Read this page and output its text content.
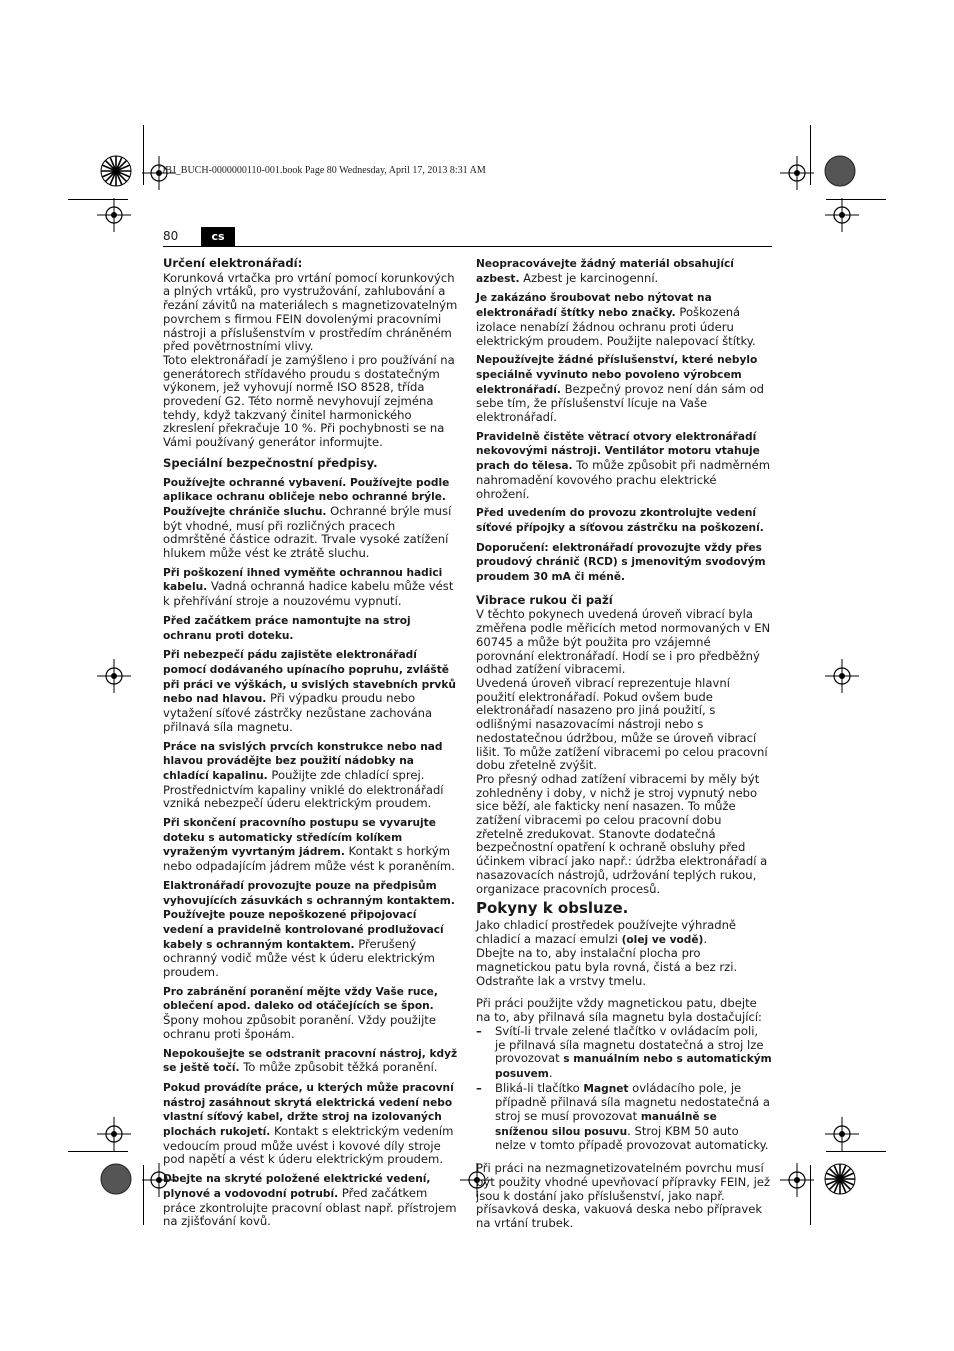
OBJ_BUCH-0000000110-001.book Page 80 Wednesday, April 17, 2013 8:31 AM
80	cs
Určení elektronářadí:

Korunková vrtačka pro vrtání pomocí korunkových a plných vrtáků, pro vystružování, zahlubování a řezání závitů na materiálech s magnetizovatelným povrchem s firmou FEIN dovolenými pracovními nástroji a příslušenstvím v prostředím chráněném před povětrnostními vlivy.

Toto elektronářadí je zamýšleno i pro používání na generátorech střídavého proudu s dostatečným výkonem, jež vyhovují normě ISO 8528, třída provedení G2. Této normě nevyhovují zejména tehdy, když takzvaný činitel harmonického zkreslení překračuje 10 %. Při pochybnosti se na Vámi používaný generátor informujte.

Speciální bezpečnostní předpisy.

Používejte ochranné vybavení. Používejte podle aplikace ochranu obličeje nebo ochranné brýle. Používejte chrániče sluchu. Ochranné brýle musí být vhodné, musí při rozličných pracech odmrštěné částice odrazit. Trvale vysoké zatížení hlukem může vést ke ztrátě sluchu.

Při poškození ihned vyměňte ochrannou hadici kabelu. Vadná ochranná hadice kabelu může vést k přehřívání stroje a nouzovému vypnutí.

Před začátkem práce namontujte na stroj ochranu proti doteku.

Při nebezpečí pádu zajistěte elektronářadí pomocí dodávaného upínacího popruhu, zvláště při práci ve výškách, u svislých stavebních prvků nebo nad hlavou. Při výpadku proudu nebo vytažení síťové zástrčky nezůstane zachována přilnavá síla magnetu.

Práce na svislých prvcích konstrukce nebo nad hlavou provádějte bez použití nádobky na chladící kapalinu. Použijte zde chladící sprej. Prostřednictvím kapaliny vniklé do elektronářadí vzniká nebezpečí úderu elektrickým proudem.

Při skončení pracovního postupu se vyvarujte doteku s automaticky středícím kolíkem vyraženým vyvrtaným jádrem. Kontakt s horkým nebo odpadajícím jádrem může vést k poraněním.

Elaktronářadí provozujte pouze na předpisům vyhovujících zásuvkách s ochranným kontaktem. Používejte pouze nepoškozené připojovací vedení a pravidelně kontrolované prodlužovací kabely s ochranným kontaktem. Přerušený ochranný vodič může vést k úderu elektrickým proudem.

Pro zabránění poranění mějte vždy Vaše ruce, oblečení apod. daleko od otáčejících se špon. Špony mohou způsobit poranění. Vždy použijte ochranu proti špoнám.

Nepokoušejte se odstranit pracovní nástroj, když se ještě točí. To může způsobit těžká poranění.

Pokud provádíte práce, u kterých může pracovní nástroj zasáhnout skrytá elektrická vedení nebo vlastní síťový kabel, držte stroj na izolovaných plochách rukojetí. Kontakt s elektrickým vedením vedoucím proud může uvést i kovové díly stroje pod napětí a vést k úderu elektrickým proudem.

Dbejte na skryté položené elektrické vedení, plynové a vodovodní potrubí. Před začátkem práce zkontrolujte pracovní oblast např. přístrojem na zjišťování kovů.

Neopracovávejte žádný materiál obsahující azbest. Azbest je karcinogenní.

Je zakázáno šroubovat nebo nýtovat na elektronářadí štítky nebo značky. Poškozená izolace nenabízí žádnou ochranu proti úderu elektrickým proudem. Použijte nalepovací štítky.

Nepoužívejte žádné příslušenství, které nebylo speciálně vyvinuto nebo povoleno výrobcem elektronářadí. Bezpečný provoz není dán sám od sebe tím, že příslušenství lícuje na Vaše elektronářadí.

Pravidelně čistěte větrací otvory elektronářadí nekovovými nástroji. Ventilátor motoru vtahuje prach do tělesa. To může způsobit při nadměrném nahromadění kovového prachu elektrické ohrožení.

Před uvedením do provozu zkontrolujte vedení síťové přípojky a síťovou zástrčku na poškození.

Doporučení: elektronářadí provozujte vždy přes proudový chránič (RCD) s jmenovitým svodovým proudem 30 mA či méně.

Vibrace rukou či paží

V těchto pokynech uvedená úroveň vibrací byla změřena podle měřicích metod normovaných v EN 60745 a může být použita pro vzájemné porovnání elektronářadí. Hodí se i pro předběžný odhad zatížení vibracemi.

Uvedená úroveň vibrací reprezentuje hlavní použití elektronářadí. Pokud ovšem bude elektronářadí nasazeno pro jiná použití, s odlišnými nasazovacími nástroji nebo s nedostatečnou údržbou, může se úroveň vibrací lišit. To může zatížení vibracemi po celou pracovní dobu zřetelně zvýšit.

Pro přesný odhad zatížení vibracemi by měly být zohledněny i doby, v nichž je stroj vypnutý nebo sice běží, ale fakticky není nasazen. To může zatížení vibracemi po celou pracovní dobu zřetelně zredukovat. Stanovte dodatečná bezpečnostní opatření k ochraně obsluhy před účinkem vibrací jako např.: údržba elektronářadí a nasazovacích nástrojů, udržování teplých rukou, organizace pracovních procesů.

Pokyny k obsluze.

Jako chladicí prostředek používejte výhradně chladicí a mazací emulzi (olej ve vodě).

Dbejte na to, aby instalační plocha pro magnetickou patu byla rovná, čistá a bez rzi. Odstraňte lak a vrstvy tmelu.

Při práci použijte vždy magnetickou patu, dbejte na to, aby přilnavá síla magnetu byla dostačující:

– Svítí-li trvale zelené tlačítko v ovládacím poli, je přilnavá síla magnetu dostatečná a stroj lze provozovat s manuálním nebo s automatickým posuvem.
– Bliká-li tlačítko Magnet ovládacího pole, je případně přilnavá síla magnetu nedostatečná a stroj se musí provozovat manuálně se sníženou silou posuvu. Stroj KBM 50 auto nelze v tomto případě provozovat automaticky.

Při práci na nezmagnetizovatelném povrchu musí být použity vhodné upevňovací přípravky FEIN, jež jsou k dostání jako příslušenství, jako např. přísavková deska, vakuová deska nebo přípravek na vrtání trubek.
